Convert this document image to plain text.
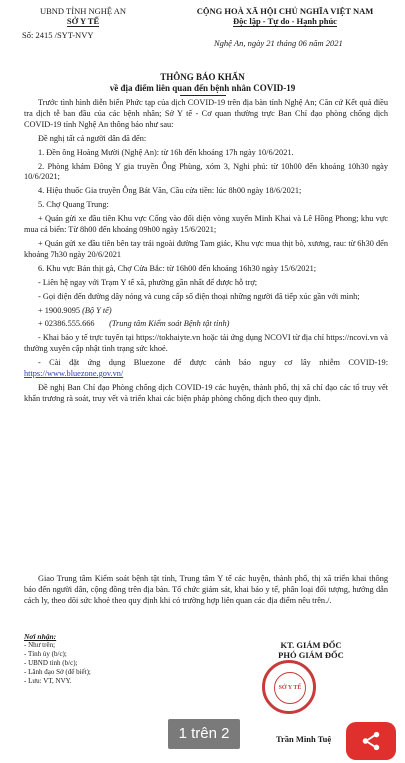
UBND TỈNH NGHỆ AN
SỞ Y TẾ
CỘNG HOÀ XÃ HỘI CHỦ NGHĨA VIỆT NAM
Độc lập - Tự do - Hạnh phúc
Số: 2415 /SYT-NVY
Nghệ An, ngày 21 tháng 06 năm 2021
THÔNG BÁO KHẨN
về địa điểm liên quan đến bệnh nhân COVID-19

Trước tình hình diễn biến Phức tạp của dịch COVID-19 trên địa bàn tỉnh Nghệ An; Căn cứ Kết quả điều tra dịch tễ ban đầu của các bệnh nhân; Sở Y tế - Cơ quan thường trực Ban Chỉ đạo phòng chống dịch COVID-19 tỉnh Nghệ An thông báo như sau:

Đề nghị tất cả người dân đã đến:

1. Đền ông Hoàng Mười (Nghệ An): từ 16h đến khoảng 17h ngày 10/6/2021.

2. Phòng khám Đông Y gia truyền Ông Phùng, xóm 3, Nghi phú: từ 10h00 đến khoảng 10h30 ngày 10/6/2021;

4. Hiệu thuốc Gia truyền Ông Bát Văn, Cầu cửa tiền: lúc 8h00 ngày 18/6/2021;

5. Chợ Quang Trung:

+ Quán gửi xe đầu tiên Khu vực Cổng vào đối diện vòng xuyến Minh Khai và Lê Hồng Phong; khu vực mua cá biển: Từ 8h00 đến khoảng 09h00 ngày 15/6/2021;

+ Quán gửi xe đầu tiên bên tay trái ngoài đường Tam giác, Khu vực mua thịt bò, xương, rau: từ 6h30 đến khoảng 7h30 ngày 20/6/2021

6. Khu vực Bán thịt gà, Chợ Cửa Bắc: từ 16h00 đến khoảng 16h30 ngày 15/6/2021;

- Liên hệ ngay với Trạm Y tế xã, phường gần nhất để được hỗ trợ;

- Gọi điện đến đường dây nóng và cung cấp số điện thoại những người đã tiếp xúc gần với mình;

+ 1900.9095 (Bộ Y tế)

+ 02386.555.666 (Trung tâm Kiểm soát Bệnh tật tỉnh)

- Khai báo y tế trực tuyến tại https://tokhaiyte.vn hoặc tải ứng dụng NCOVI từ địa chỉ https://ncovi.vn và thường xuyên cập nhật tình trạng sức khoẻ.

- Cài đặt ứng dụng Bluezone để được cảnh báo nguy cơ lây nhiễm COVID-19: https://www.bluezone.gov.vn/

Đề nghị Ban Chỉ đạo Phòng chống dịch COVID-19 các huyện, thành phố, thị xã chỉ đạo các tổ truy vết khẩn trương rà soát, truy vết và triển khai các biện pháp phòng chống dịch theo quy định.

Giao Trung tâm Kiểm soát bệnh tật tỉnh, Trung tâm Y tế các huyện, thành phố, thị xã triển khai thông báo đến người dân, cộng đồng trên địa bàn. Tổ chức giám sát, khai báo y tế, phân loại đối tượng, hướng dẫn cách ly, theo dõi sức khoẻ theo quy định khi có trường hợp liên quan các địa điểm nêu trên./.
Nơi nhận:
- Như trên;
- Tỉnh ủy (b/c);
- UBND tỉnh (b/c);
- Lãnh đạo Sở (để biết);
- Lưu: VT, NVY.
KT. GIÁM ĐỐC
PHÓ GIÁM ĐỐC
SỞ Y TẾ
Trần Minh Tuệ
1 trên 2
